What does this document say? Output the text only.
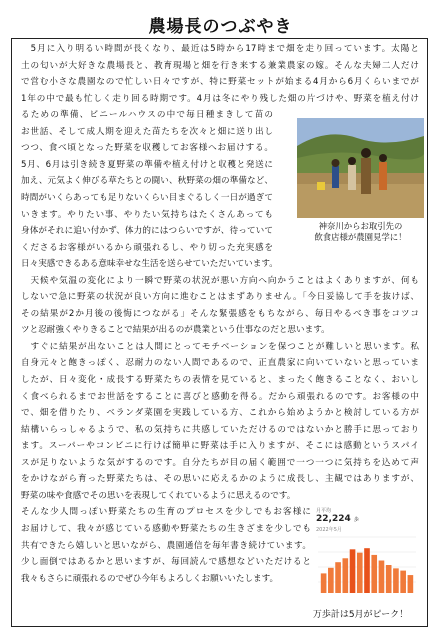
農場長のつぶやき
　5月に入り明るい時間が長くなり、最近は5時から17時まで畑を走り回っています。太陽と
土の匂いが大好きな農場長と、教育現場と畑を行き来する兼業農家の嫁。そんな夫婦二人だけ
で営む小さな農園なので忙しい日々ですが、特に野菜セットが始まる4月から6月くらいまでが
1年の中で最も忙しく走り回る時期です。4月は冬にやり残した畑の片づけや、野菜を植え付け
るための準備、ビニールハウスの中で毎日種まきして苗の
お世話、そして成人期を迎えた苗たちを次々と畑に送り出し
つつ、食べ頃となった野菜を収穫してお客様へお届けする。
5月、6月は引き続き夏野菜の準備や植え付けと収穫と発送に
加え、元気よく伸びる草たちとの闘い、秋野菜の畑の準備など、
時間がいくらあっても足りないくらい目まぐるしく一日が過ぎて
いきます。やりたい事、やりたい気持ちはたくさんあっても
身体がそれに追い付かず、体力的にはつらいですが、待っていて
くださるお客様がいるから頑張れるし、やり切った充実感を
日々実感できるある意味幸せな生活を送らせていただいています。
　天候や気温の変化により一瞬で野菜の状況が悪い方向へ向かうことはよくありますが、何も
しないで急に野菜の状況が良い方向に進むことはまずありません。「今日妥協して手を抜けば、
その結果が2か月後の後悔につながる」そんな緊張感をもちながら、毎日やるべき事をコツコ
ツと忍耐強くやりきることで結果が出るのが農業という仕事なのだと思います。
　すぐに結果が出ないことは人間にとってモチベーションを保つことが難しいと思います。私
自身元々と飽きっぽく、忍耐力のない人間であるので、正直農家に向いていないと思っていま
したが、日々変化・成長する野菜たちの表情を見ていると、まったく飽きることなく、おいし
く食べられるまでお世話をすることに喜びと感動を得る。だから頑張れるのです。お客様の中
で、畑を借りたり、ベランダ菜園を実践している方、これから始めようかと検討している方が
結構いらっしゃるようで、私の気持ちに共感していただけるのではないかと勝手に思っており
ます。スーパーやコンビニに行けば簡単に野菜は手に入りますが、そこには感動というスパイ
スが足りないような気がするのです。自分たちが目の届く範囲で一つ一つに気持ちを込めて声
をかけながら育った野菜たちは、その思いに応えるかのように成長し、主観ではありますが、
野菜の味や食感でその思いを表現してくれているように思えるのです。
そんな少人間っぽい野菜たちの生育のプロセスを少しでもお客様に
お届けして、我々が感じている感動や野菜たちの生きざまを少しでも
共有できたら嬉しいと思いながら、農園通信を毎年書き続けています。
少し面倒ではあるかと思いますが、毎回読んで感想などいただけると
我々もさらに頑張れるのでぜひ今年もよろしくお願いいたします。
神奈川からお取引先の
飲食店様が農園見学に！
月平均
22,224 歩
2022年5月
万歩計は5月がピーク！
